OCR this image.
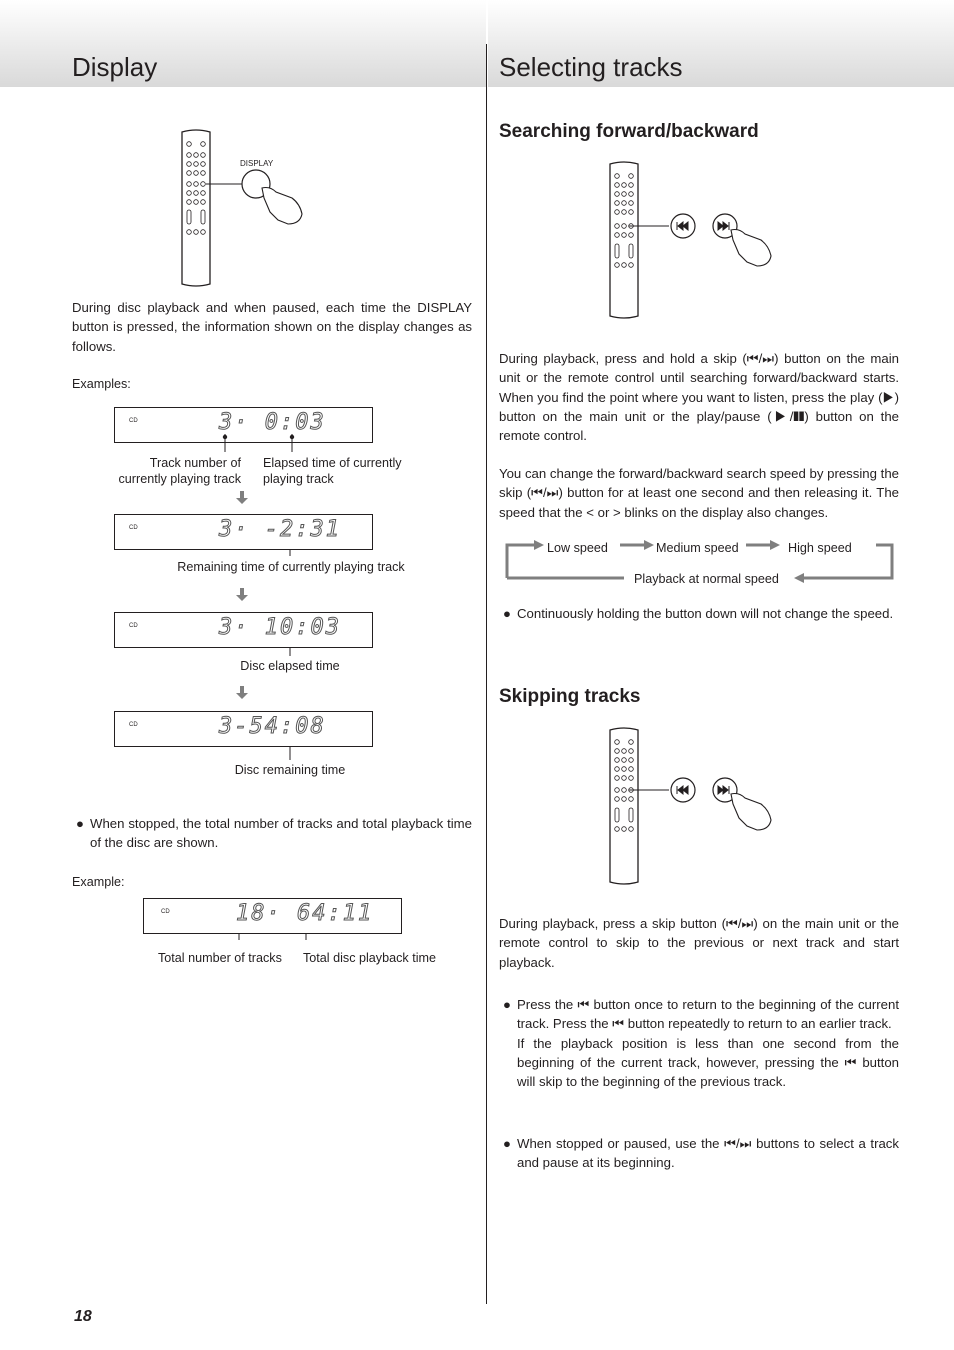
Display	Selecting tracks
DISPLAY

During disc playback and when paused, each time the DISPLAY button is pressed, the information shown on the display changes as follows.

Examples:

CD	3· 0:03

Track number of currently playing track

Elapsed time of currently playing track

CD	3· -2:31

Remaining time of currently playing track

CD	3· 10:03

Disc elapsed time

CD	3-54:08

Disc remaining time

● When stopped, the total number of tracks and total playback time of the disc are shown.

Example:

CD	18· 64:11

Total number of tracks Total disc playback time

18
Searching forward/backward

During playback, press and hold a skip (⏮/⏭) button on the main unit or the remote control until searching forward/backward starts. When you find the point where you want to listen, press the play (▶) button on the main unit or the play/pause (▶/❚❚) button on the remote control.

You can change the forward/backward search speed by pressing the skip (⏮/⏭) button for at least one second and then releasing it. The speed that the < or > blinks on the display also changes.

Low speed	Medium speed	High speed
Playback at normal speed

● Continuously holding the button down will not change the speed.

Skipping tracks

During playback, press a skip button (⏮/⏭) on the main unit or the remote control to skip to the previous or next track and start playback.

● Press the ⏮ button once to return to the beginning of the current track. Press the ⏮ button repeatedly to return to an earlier track.
If the playback position is less than one second from the beginning of the current track, however, pressing the ⏮ button will skip to the beginning of the previous track.

● When stopped or paused, use the ⏮/⏭ buttons to select a track and pause at its beginning.
